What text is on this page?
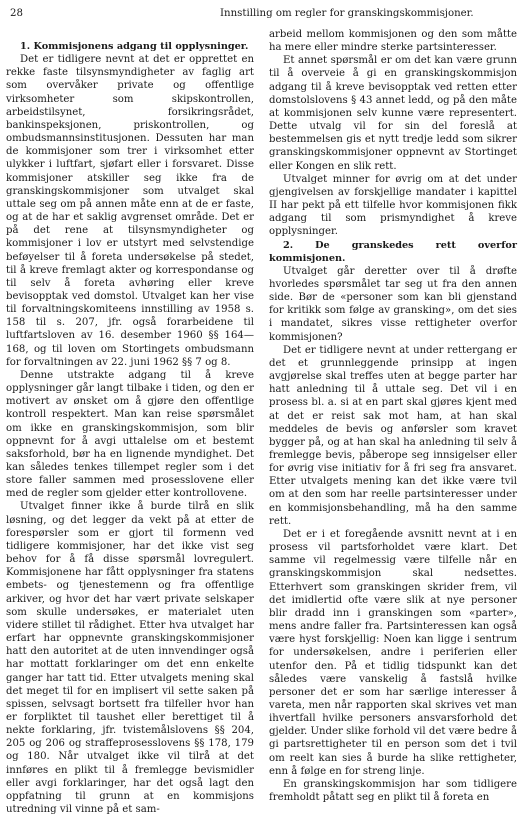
28	Innstilling om regler for granskingskommisjoner.

1. Kommisjonens adgang til opplysninger.

Det er tidligere nevnt at det er opprettet en rekke faste tilsynsmyndigheter av faglig art som overvåker private og offentlige virksomheter som skipskontrollen, arbeidstilsynet, forsikringsrådet, bankinspeksjonen, priskontrollen, og ombudsmannsinstitusjonen. Dessuten har man de kommisjoner som trer i virksomhet etter ulykker i luftfart, sjøfart eller i forsvaret. Disse kommisjoner atskiller seg ikke fra de granskingskommisjoner som utvalget skal uttale seg om på annen måte enn at de er faste, og at de har et saklig avgrenset område. Det er på det rene at tilsynsmyndigheter og kommisjoner i lov er utstyrt med selvstendige beføyelser til å foreta undersøkelse på stedet, til å kreve fremlagt akter og korrespondanse og til selv å foreta avhøring eller kreve bevisopptak ved domstol. Utvalget kan her vise til forvaltningskomiteens innstilling av 1958 s. 158 til s. 207, jfr. også forarbeidene til luftfartsloven av 16. desember 1960 §§ 164—168, og til loven om Stortingets ombudsmann for forvaltningen av 22. juni 1962 §§ 7 og 8.

Denne utstrakte adgang til å kreve opplysninger går langt tilbake i tiden, og den er motivert av ønsket om å gjøre den offentlige kontroll respektert. Man kan reise spørsmålet om ikke en granskingskommisjon, som blir oppnevnt for å avgi uttalelse om et bestemt saksforhold, bør ha en lignende myndighet. Det kan således tenkes tillempet regler som i det store faller sammen med prosesslovene eller med de regler som gjelder etter kontrollovene.

Utvalget finner ikke å burde tilrå en slik løsning, og det legger da vekt på at etter de forespørsler som er gjort til formenn ved tidligere kommisjoner, har det ikke vist seg behov for å få disse spørsmål lovregulert. Kommisjonene har fått opplysninger fra statens embets- og tjenestemenn og fra offentlige arkiver, og hvor det har vært private selskaper som skulle undersøkes, er materialet uten videre stillet til rådighet. Etter hva utvalget har erfart har oppnevnte granskingskommisjoner hatt den autoritet at de uten innvendinger også har mottatt forklaringer om det enn enkelte ganger har tatt tid. Etter utvalgets mening skal det meget til for en implisert vil sette saken på spissen, selvsagt bortsett fra tilfeller hvor han er forpliktet til taushet eller berettiget til å nekte forklaring, jfr. tvistemålslovens §§ 204, 205 og 206 og straffeprosesslovens §§ 178, 179 og 180. Når utvalget ikke vil tilrå at det innføres en plikt til å fremlegge bevismidler eller avgi forklaringer, har det også lagt den oppfatning til grunn at en kommisjons utredning vil vinne på et sam-

arbeid mellom kommisjonen og den som måtte ha mere eller mindre sterke partsinteresser.

Et annet spørsmål er om det kan være grunn til å overveie å gi en granskingskommisjon adgang til å kreve bevisopptak ved retten etter domstolslovens § 43 annet ledd, og på den måte at kommisjonen selv kunne være representert. Dette utvalg vil for sin del foreslå at bestemmelsen gis et nytt tredje ledd som sikrer granskingskommisjoner oppnevnt av Stortinget eller Kongen en slik rett.

Utvalget minner for øvrig om at det under gjengivelsen av forskjellige mandater i kapittel II har pekt på ett tilfelle hvor kommisjonen fikk adgang til som prismyndighet å kreve opplysninger.

2. De granskedes rett overfor kommisjonen.

Utvalget går deretter over til å drøfte hvorledes spørsmålet tar seg ut fra den annen side. Bør de «personer som kan bli gjenstand for kritikk som følge av gransking», om det sies i mandatet, sikres visse rettigheter overfor kommisjonen?

Det er tidligere nevnt at under rettergang er det et grunnleggende prinsipp at ingen avgjørelse skal treffes uten at begge parter har hatt anledning til å uttale seg. Det vil i en prosess bl. a. si at en part skal gjøres kjent med at det er reist sak mot ham, at han skal meddeles de bevis og anførsler som kravet bygger på, og at han skal ha anledning til selv å fremlegge bevis, påberope seg innsigelser eller for øvrig vise initiativ for å fri seg fra ansvaret. Etter utvalgets mening kan det ikke være tvil om at den som har reelle partsinteresser under en kommisjonsbehandling, må ha den samme rett.

Det er i et foregående avsnitt nevnt at i en prosess vil partsforholdet være klart. Det samme vil regelmessig være tilfelle når en granskingskommisjon skal nedsettes. Etterhvert som granskingen skrider frem, vil det imidlertid ofte være slik at nye personer blir dradd inn i granskingen som «parter», mens andre faller fra. Partsinteressen kan også være hyst forskjellig: Noen kan ligge i sentrum for undersøkelsen, andre i periferien eller utenfor den. På et tidlig tidspunkt kan det således være vanskelig å fastslå hvilke personer det er som har særlige interesser å vareta, men når rapporten skal skrives vet man ihvertfall hvilke personers ansvarsforhold det gjelder. Under slike forhold vil det være bedre å gi partsrettigheter til en person som det i tvil om reelt kan sies å burde ha slike rettigheter, enn å følge en for streng linje.

En granskingskommisjon har som tidligere fremholdt påtatt seg en plikt til å foreta en
